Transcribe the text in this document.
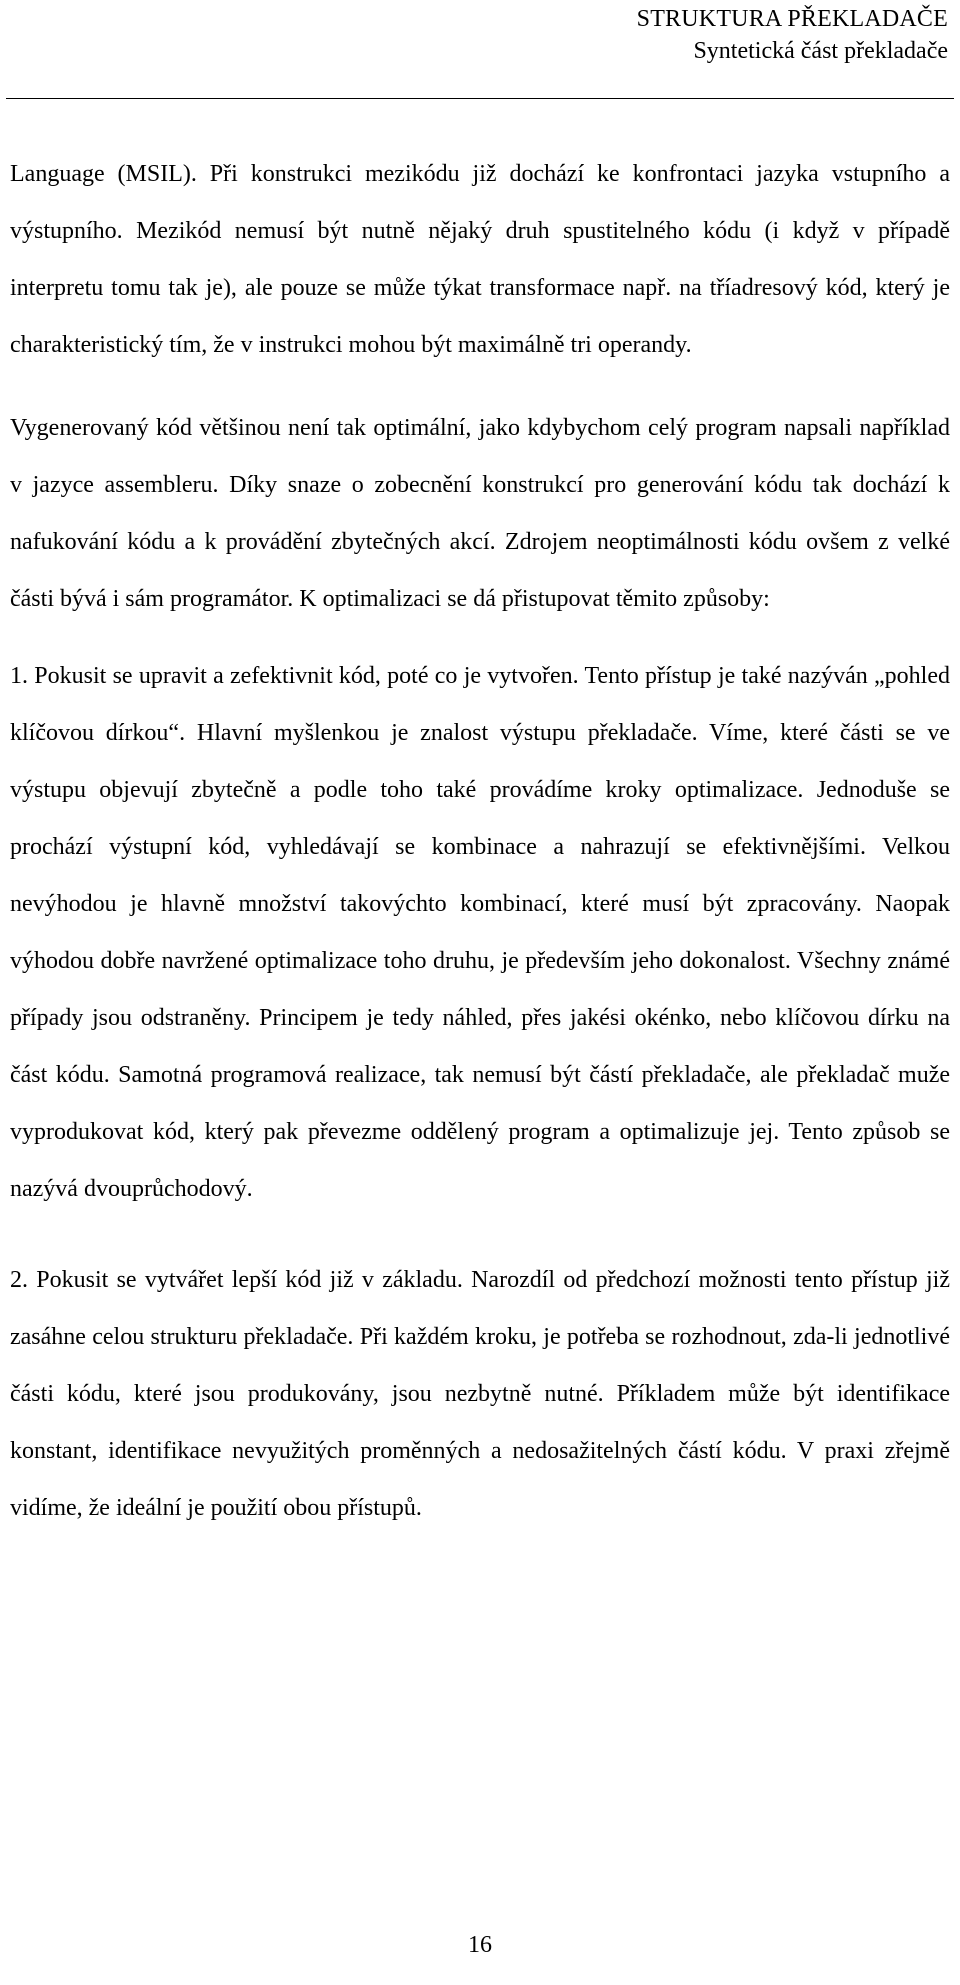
STRUKTURA PŘEKLADAČE
Syntetická část překladače

Language (MSIL). Při konstrukci mezikódu již dochází ke konfrontaci jazyka vstupního a výstupního. Mezikód nemusí být nutně nějaký druh spustitelného kódu (i když v případě interpretu tomu tak je), ale pouze se může týkat transformace např. na tříadresový kód, který je charakteristický tím, že v instrukci mohou být maximálně tri operandy.

Vygenerovaný kód většinou není tak optimální, jako kdybychom celý program napsali například v jazyce assembleru. Díky snaze o zobecnění konstrukcí pro generování kódu tak dochází k nafukování kódu a k provádění zbytečných akcí. Zdrojem neoptimálnosti kódu ovšem z velké části bývá i sám programátor. K optimalizaci se dá přistupovat těmito způsoby:

1. Pokusit se upravit a zefektivnit kód, poté co je vytvořen. Tento přístup je také nazýván „pohled klíčovou dírkou“. Hlavní myšlenkou je znalost výstupu překladače. Víme, které části se ve výstupu objevují zbytečně a podle toho také provádíme kroky optimalizace. Jednoduše se prochází výstupní kód, vyhledávají se kombinace a nahrazují se efektivnějšími. Velkou nevýhodou je hlavně množství takovýchto kombinací, které musí být zpracovány. Naopak výhodou dobře navržené optimalizace toho druhu, je především jeho dokonalost. Všechny známé případy jsou odstraněny. Principem je tedy náhled, přes jakési okénko, nebo klíčovou dírku na část kódu. Samotná programová realizace, tak nemusí být částí překladače, ale překladač muže vyprodukovat kód, který pak převezme oddělený program a optimalizuje jej. Tento způsob se nazývá dvouprůchodový.

2. Pokusit se vytvářet lepší kód již v základu. Narozdíl od předchozí možnosti tento přístup již zasáhne celou strukturu překladače. Při každém kroku, je potřeba se rozhodnout, zda-li jednotlivé části kódu, které jsou produkovány, jsou nezbytně nutné. Příkladem může být identifikace konstant, identifikace nevyužitých proměnných a nedosažitelných částí kódu. V praxi zřejmě vidíme, že ideální je použití obou přístupů.

16
